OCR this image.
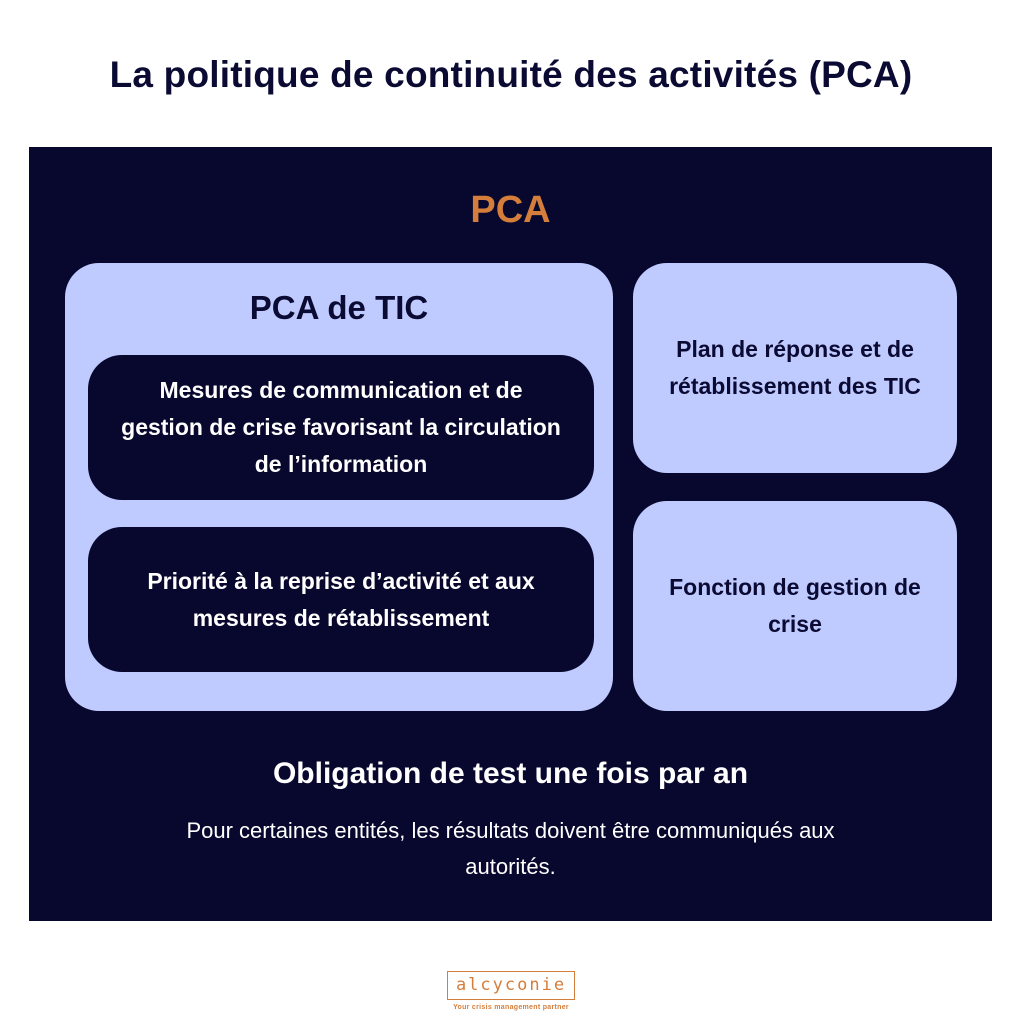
La politique de continuité des activités (PCA)
PCA
PCA de TIC
Mesures de communication et de gestion de crise favorisant la circulation de l’information
Priorité à la reprise d’activité et aux mesures de rétablissement
Plan de réponse et de rétablissement des TIC
Fonction de gestion de crise
Obligation de test une fois par an
Pour certaines entités, les résultats doivent être communiqués aux autorités.
alcyconie
Your crisis management partner
